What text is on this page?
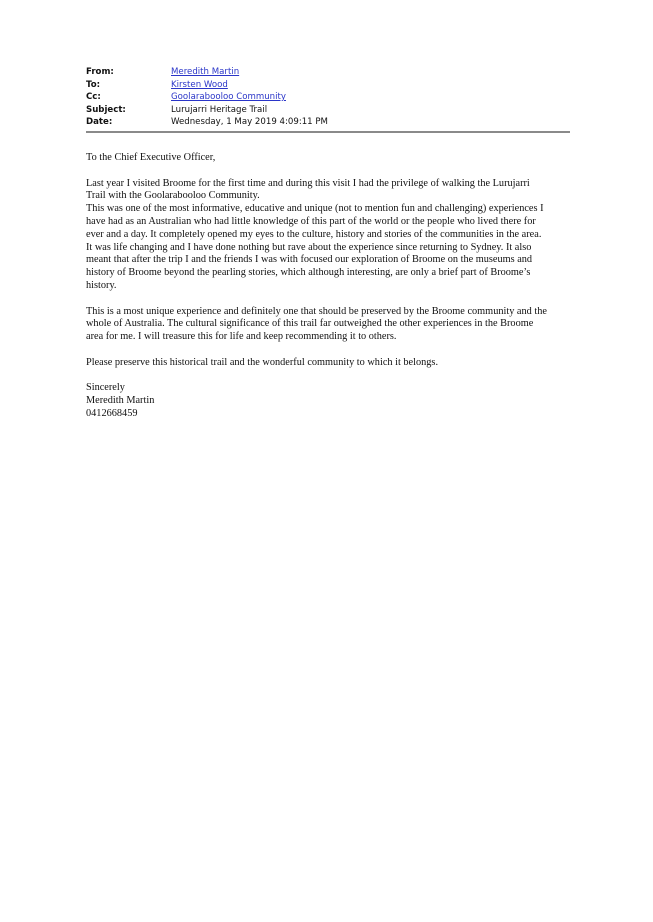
From:	Meredith Martin
To:	Kirsten Wood
Cc:	Goolarabooloo Community
Subject:	Lurujarri Heritage Trail
Date:	Wednesday, 1 May 2019 4:09:11 PM
To the Chief Executive Officer,
Last year I visited Broome for the first time and during this visit I had the privilege of walking the Lurujarri
Trail with the Goolarabooloo Community.
This was one of the most informative, educative and unique (not to mention fun and challenging) experiences I
have had as an Australian who had little knowledge of this part of the world or the people who lived there for
ever and a day. It completely opened my eyes to the culture, history and stories of the communities in the area.
It was life changing and I have done nothing but rave about the experience since returning to Sydney. It also
meant that after the trip I and the friends I was with focused our exploration of Broome on the museums and
history of Broome beyond the pearling stories, which although interesting, are only a brief part of Broome’s
history.
This is a most unique experience and definitely one that should be preserved by the Broome community and the
whole of Australia. The cultural significance of this trail far outweighed the other experiences in the Broome
area for me. I will treasure this for life and keep recommending it to others.
Please preserve this historical trail and the wonderful community to which it belongs.
Sincerely
Meredith Martin
0412668459
